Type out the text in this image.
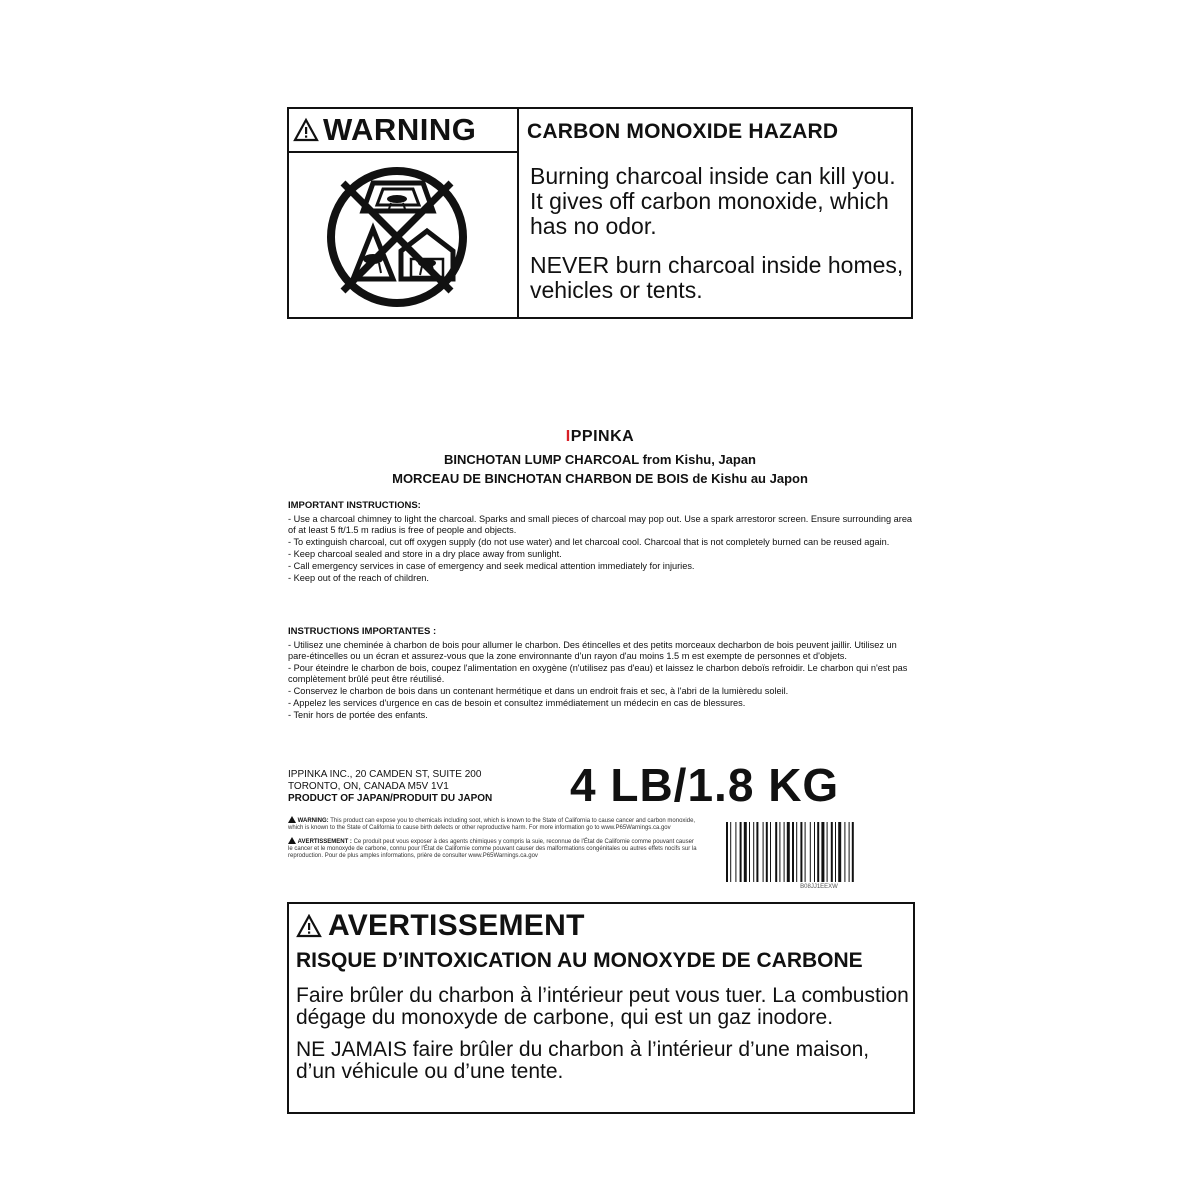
WARNING CARBON MONOXIDE HAZARD

Burning charcoal inside can kill you. It gives off carbon monoxide, which has no odor.

NEVER burn charcoal inside homes, vehicles or tents.

IPPINKA
BINCHOTAN LUMP CHARCOAL from Kishu, Japan
MORCEAU DE BINCHOTAN CHARBON DE BOIS de Kishu au Japon
IMPORTANT INSTRUCTIONS:
- Use a charcoal chimney to light the charcoal. Sparks and small pieces of charcoal may pop out. Use a spark arrestoror screen. Ensure surrounding area of at least 5 ft/1.5 m radius is free of people and objects.
- To extinguish charcoal, cut off oxygen supply (do not use water) and let charcoal cool. Charcoal that is not completely burned can be reused again.
- Keep charcoal sealed and store in a dry place away from sunlight.
- Call emergency services in case of emergency and seek medical attention immediately for injuries.
- Keep out of the reach of children.
INSTRUCTIONS IMPORTANTES :
- Utilisez une cheminée à charbon de bois pour allumer le charbon. Des étincelles et des petits morceaux decharbon de bois peuvent jaillir. Utilisez un pare-étincelles ou un écran et assurez-vous que la zone environnante d'un rayon d'au moins 1.5 m est exempte de personnes et d'objets.
- Pour éteindre le charbon de bois, coupez l'alimentation en oxygène (n'utilisez pas d'eau) et laissez le charbon deboïs refroidir. Le charbon qui n'est pas complètement brûlé peut être réutilisé.
- Conservez le charbon de bois dans un contenant hermétique et dans un endroit frais et sec, à l'abri de la lumièredu soleil.
- Appelez les services d'urgence en cas de besoin et consultez immédiatement un médecin en cas de blessures.
- Tenir hors de portée des enfants.
IPPINKA INC., 20 CAMDEN ST, SUITE 200
TORONTO, ON, CANADA M5V 1V1
PRODUCT OF JAPAN/PRODUIT DU JAPON	4 LB/1.8 KG
WARNING: This product can expose you to chemicals including soot, which is known to the State of California to cause cancer and carbon monoxide, which is known to the State of California to cause birth defects or other reproductive harm. For more information go to www.P65Warnings.ca.gov
AVERTISSEMENT : Ce produit peut vous exposer à des agents chimiques y compris la suie, reconnue de l'État de Californie comme pouvant causer le cancer et le monoxyde de carbone, connu pour l'État de Californie comme pouvant causer des malformations congénitales ou autres effets nocifs sur la reproduction. Pour de plus amples informations, prière de consulter www.P65Warnings.ca.gov
B08JJ1EEXW
AVERTISSEMENT
RISQUE D’INTOXICATION AU MONOXYDE DE CARBONE

Faire brûler du charbon à l’intérieur peut vous tuer. La combustion dégage du monoxyde de carbone, qui est un gaz inodore.

NE JAMAIS faire brûler du charbon à l’intérieur d’une maison, d’un véhicule ou d’une tente.
